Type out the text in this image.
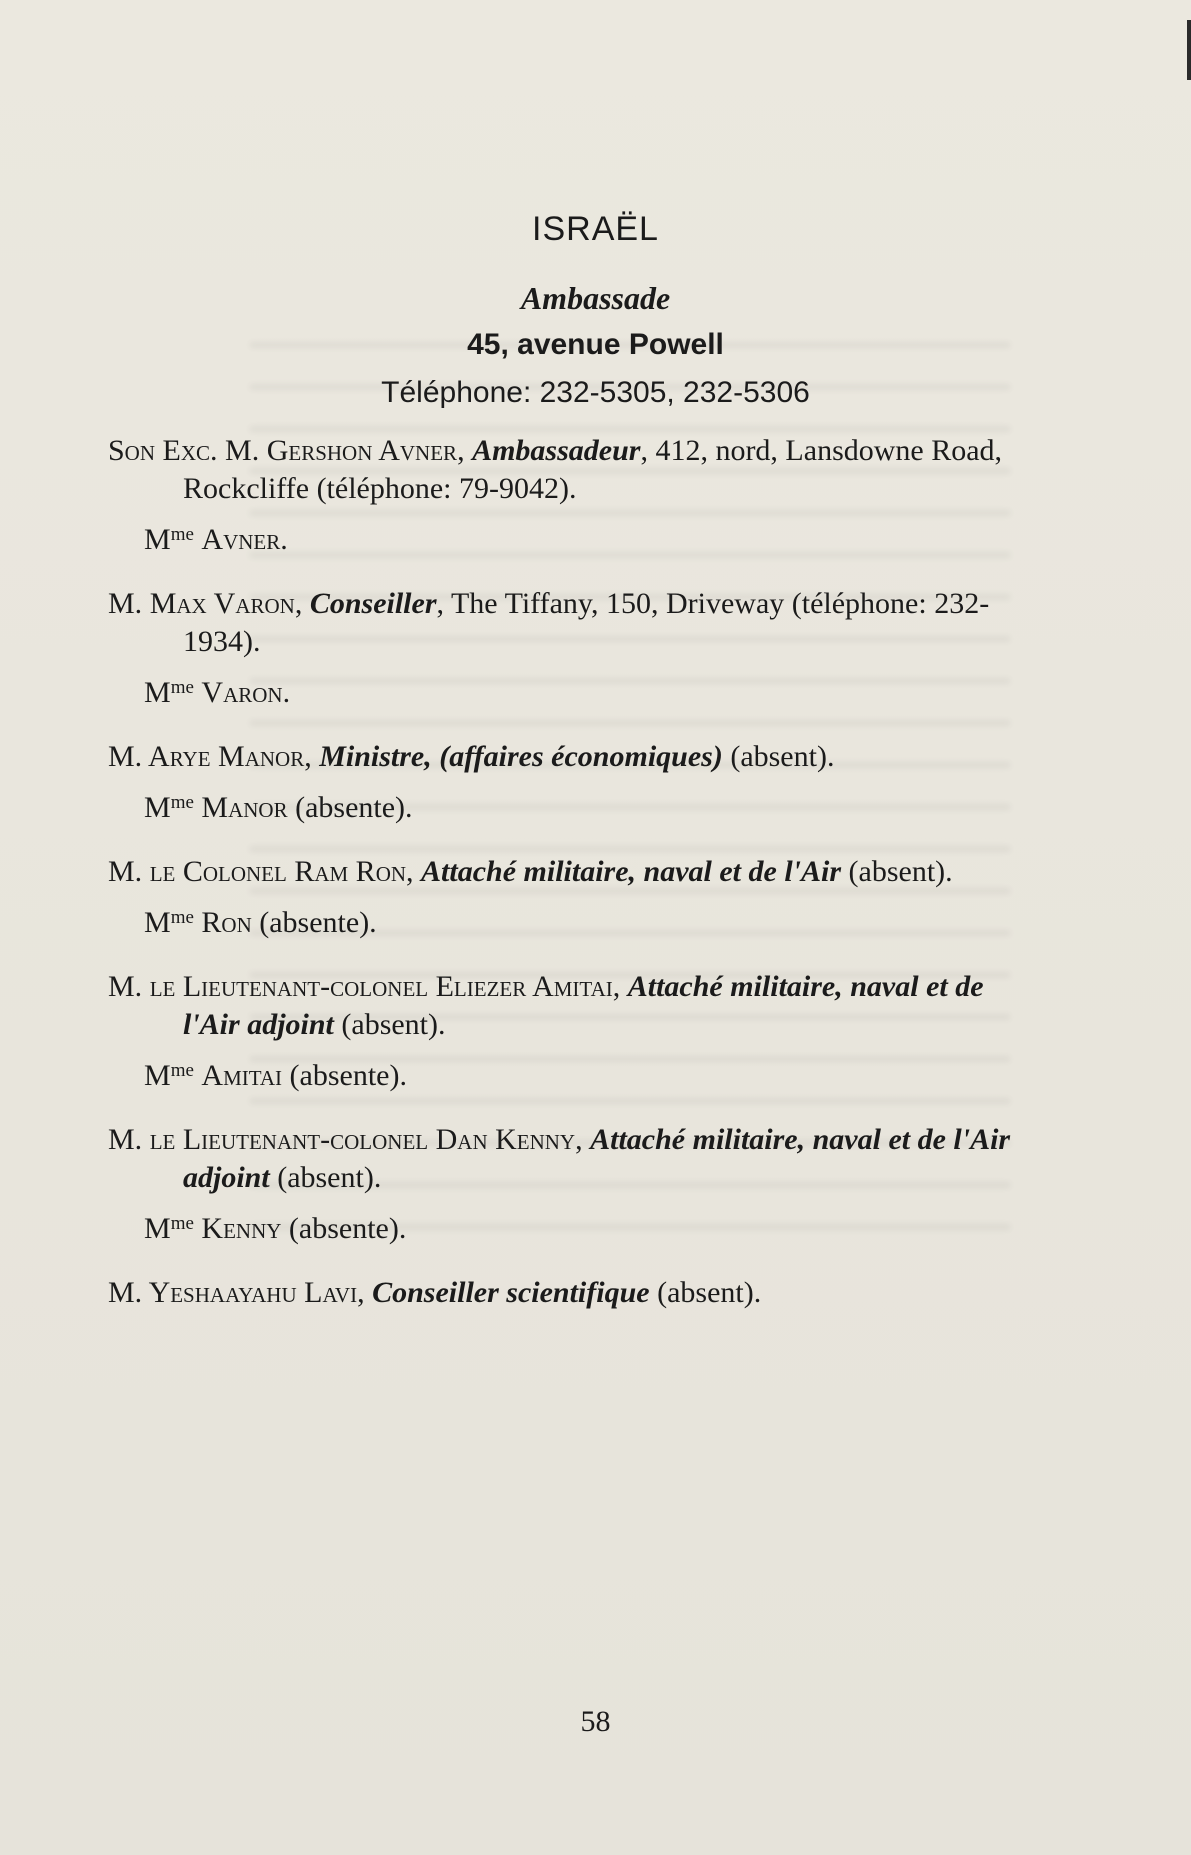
ISRAËL
Ambassade
45, avenue Powell
Téléphone: 232-5305, 232-5306
Son Exc. M. Gershon Avner, Ambassadeur, 412, nord, Lansdowne Road, Rockcliffe (téléphone: 79-9042).
$M^{me}$ Avner.
M. Max Varon, Conseiller, The Tiffany, 150, Driveway (téléphone: 232-1934).
$M^{me}$ Varon.
M. Arye Manor, Ministre, (affaires économiques) (absent).
$M^{me}$ Manor (absente).
M. le Colonel Ram Ron, Attaché militaire, naval et de l'Air (absent).
$M^{me}$ Ron (absente).
M. le Lieutenant-colonel Eliezer Amitai, Attaché militaire, naval et de l'Air adjoint (absent).
$M^{me}$ Amitai (absente).
M. le Lieutenant-colonel Dan Kenny, Attaché militaire, naval et de l'Air adjoint (absent).
$M^{me}$ Kenny (absente).
M. Yeshaayahu Lavi, Conseiller scientifique (absent).
58
